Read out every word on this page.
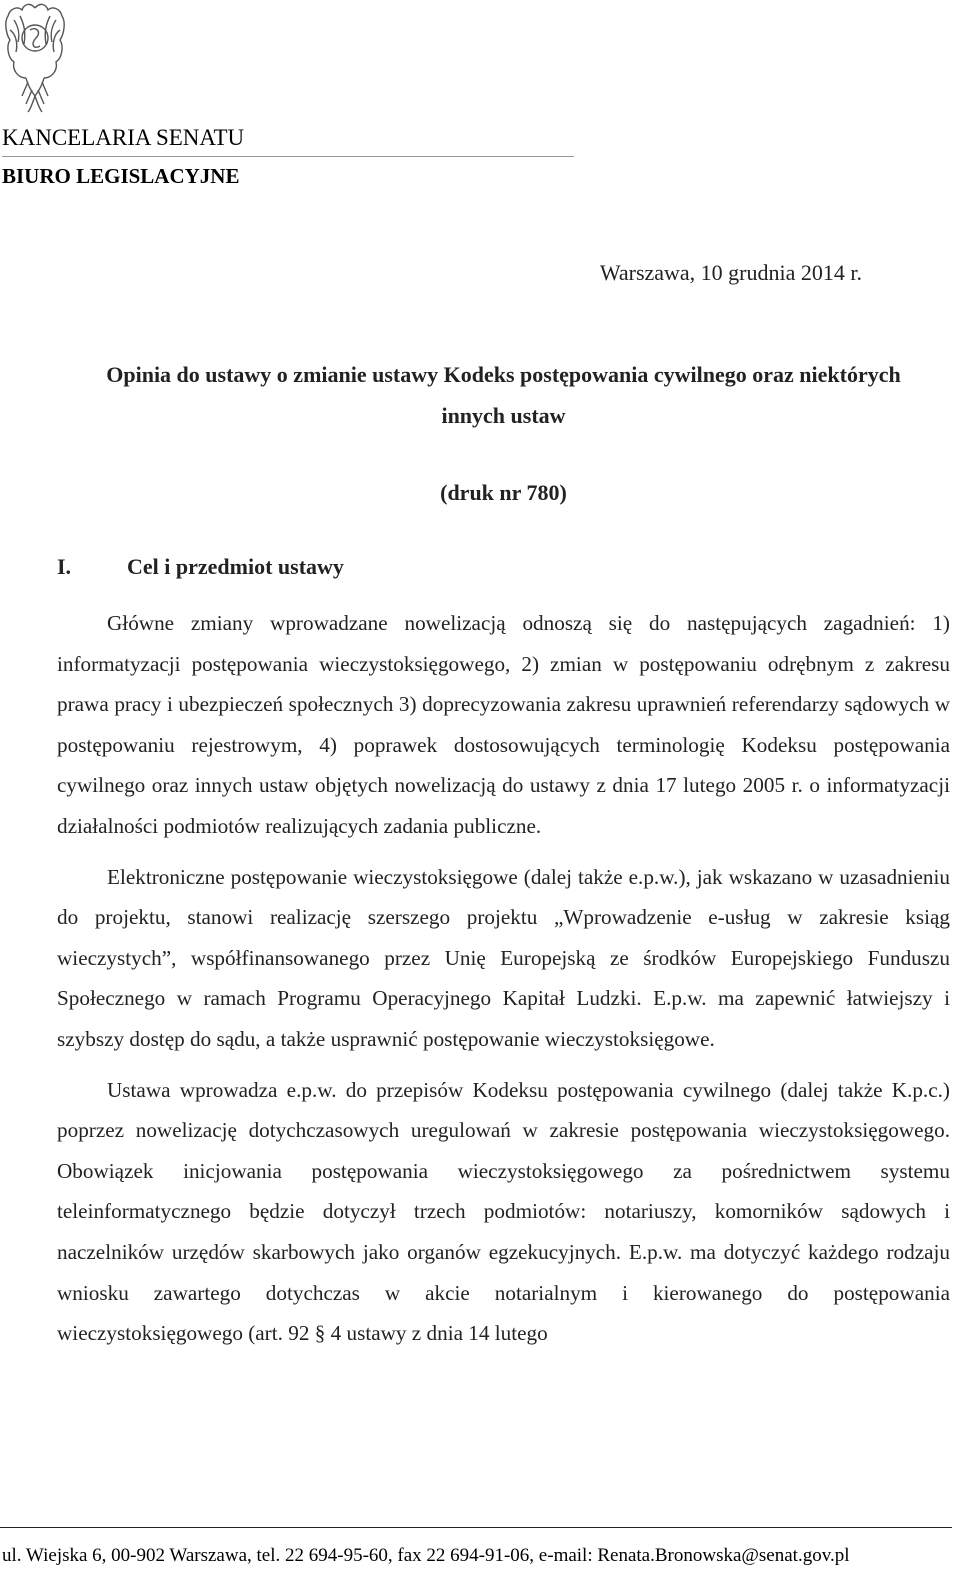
KANCELARIA SENATU
BIURO LEGISLACYJNE
Warszawa, 10 grudnia 2014 r.
Opinia do ustawy o zmianie ustawy Kodeks postępowania cywilnego oraz niektórych
innych ustaw
(druk nr 780)
I.	Cel i przedmiot ustawy

Główne zmiany wprowadzane nowelizacją odnoszą się do następujących zagadnień: 1) informatyzacji postępowania wieczystoksięgowego, 2) zmian w postępowaniu odrębnym z zakresu prawa pracy i ubezpieczeń społecznych 3) doprecyzowania zakresu uprawnień referendarzy sądowych w postępowaniu rejestrowym, 4) poprawek dostosowujących terminologię Kodeksu postępowania cywilnego oraz innych ustaw objętych nowelizacją do ustawy z dnia 17 lutego 2005 r. o informatyzacji działalności podmiotów realizujących zadania publiczne.

Elektroniczne postępowanie wieczystoksięgowe (dalej także e.p.w.), jak wskazano w uzasadnieniu do projektu, stanowi realizację szerszego projektu „Wprowadzenie e-usług w zakresie ksiąg wieczystych”, współfinansowanego przez Unię Europejską ze środków Europejskiego Funduszu Społecznego w ramach Programu Operacyjnego Kapitał Ludzki. E.p.w. ma zapewnić łatwiejszy i szybszy dostęp do sądu, a także usprawnić postępowanie wieczystoksięgowe.

Ustawa wprowadza e.p.w. do przepisów Kodeksu postępowania cywilnego (dalej także K.p.c.) poprzez nowelizację dotychczasowych uregulowań w zakresie postępowania wieczystoksięgowego. Obowiązek inicjowania postępowania wieczystoksięgowego za pośrednictwem systemu teleinformatycznego będzie dotyczył trzech podmiotów: notariuszy, komorników sądowych i naczelników urzędów skarbowych jako organów egzekucyjnych. E.p.w. ma dotyczyć każdego rodzaju wniosku zawartego dotychczas w akcie notarialnym i kierowanego do postępowania wieczystoksięgowego (art. 92 § 4 ustawy z dnia 14 lutego

ul. Wiejska 6, 00-902 Warszawa, tel. 22 694-95-60, fax 22 694-91-06, e-mail: Renata.Bronowska@senat.gov.pl
